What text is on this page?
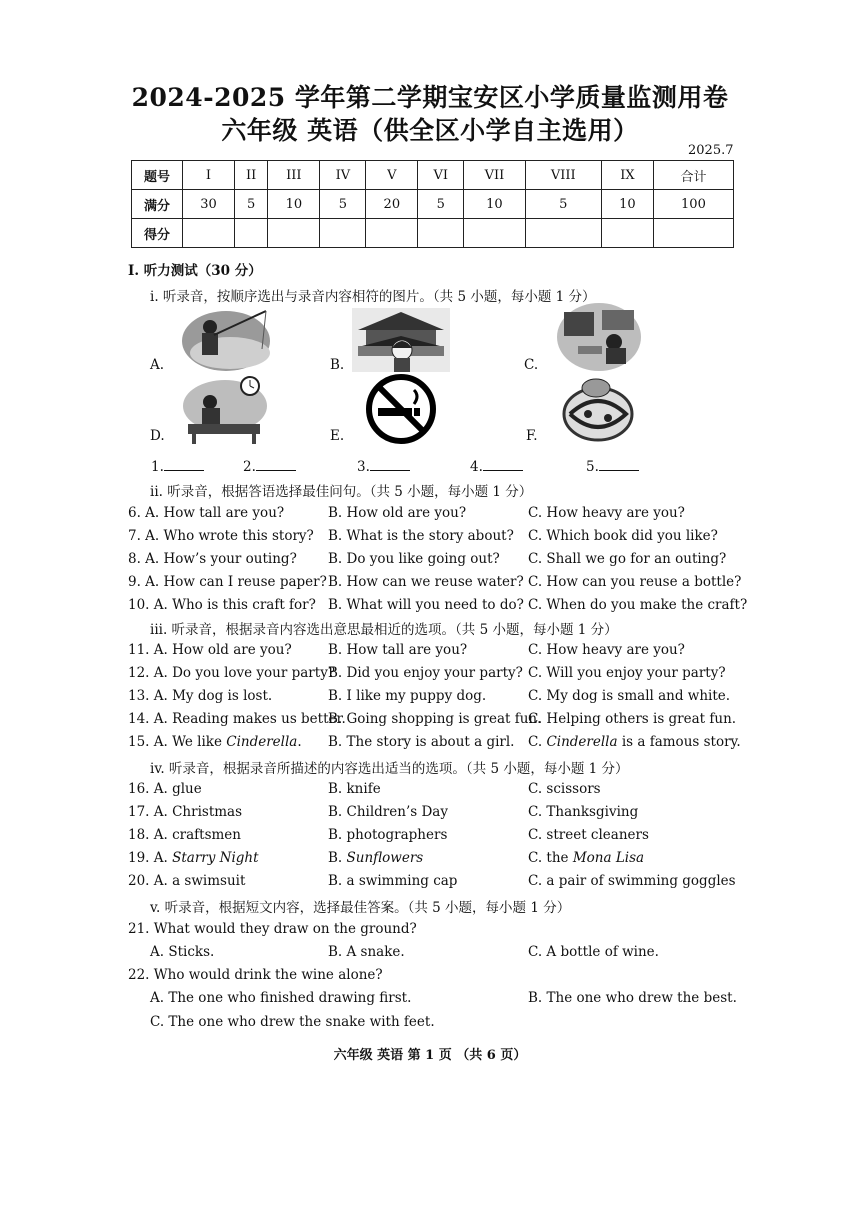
2024-2025 学年第二学期宝安区小学质量监测用卷
六年级 英语（供全区小学自主选用）
2025.7
题号	I	II	III	IV	V	VI	VII	VIII	IX	合计
满分	30	5	10	5	20	5	10	5	10	100
得分										
I. 听力测试（30 分）
i. 听录音，按顺序选出与录音内容相符的图片。（共 5 小题，每小题 1 分）
A.	B.	C.
D.	E.	F.
1.	2.	3.	4.	5.
ii. 听录音，根据答语选择最佳问句。（共 5 小题，每小题 1 分）
6. A. How tall are you?	B. How old are you?	C. How heavy are you?
7. A. Who wrote this story? B. What is the story about? C. Which book did you like?
8. A. How’s your outing? B. Do you like going out? C. Shall we go for an outing?
9. A. How can I reuse paper? B. How can we reuse water? C. How can you reuse a bottle?
10. A. Who is this craft for? B. What will you need to do? C. When do you make the craft?
iii. 听录音，根据录音内容选出意思最相近的选项。（共 5 小题，每小题 1 分）
11. A. How old are you?	B. How tall are you?	C. How heavy are you?
12. A. Do you love your party?
B. Did you enjoy your party? C. Will you enjoy your party?
13. A. My dog is lost.	B. I like my puppy dog.	C. My dog is small and white.
14. A. Reading makes us better.
B. Going shopping is great fun.
C. Helping others is great fun.
15. A. We like Cinderella. B. The story is about a girl. C. Cinderella is a famous story.
iv. 听录音，根据录音所描述的内容选出适当的选项。（共 5 小题，每小题 1 分）
16. A. glue	B. knife	C. scissors
17. A. Christmas	B. Children’s Day	C. Thanksgiving
18. A. craftsmen	B. photographers	C. street cleaners
19. A. Starry Night	B. Sunflowers	C. the Mona Lisa
20. A. a swimsuit	B. a swimming cap	C. a pair of swimming goggles
v. 听录音，根据短文内容，选择最佳答案。（共 5 小题，每小题 1 分）
21. What would they draw on the ground?
A. Sticks.	B. A snake.	C. A bottle of wine.
22. Who would drink the wine alone?
A. The one who finished drawing first.	B. The one who drew the best.
C. The one who drew the snake with feet.
六年级 英语 第 1 页 （共 6 页）
